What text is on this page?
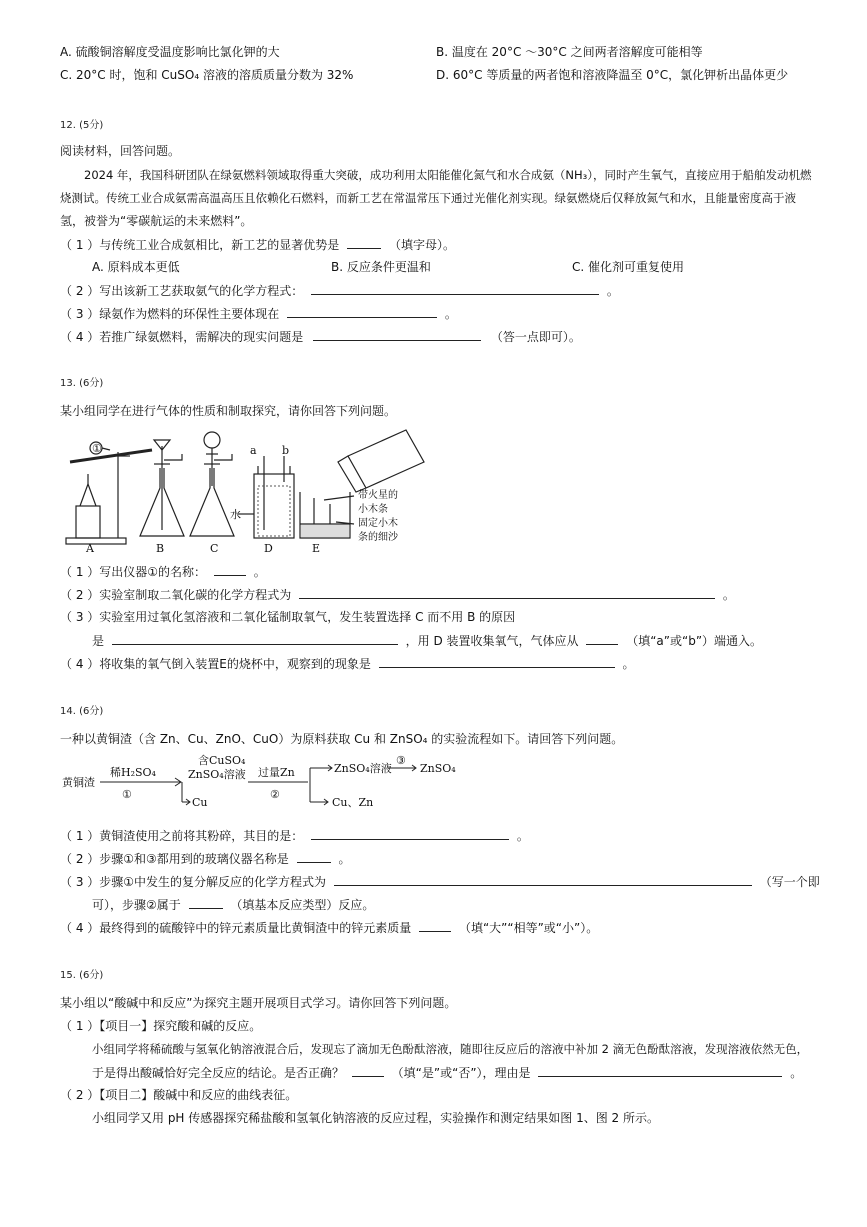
A. 硫酸铜溶解度受温度影响比氯化钾的大	B. 温度在 20°C ～30°C 之间两者溶解度可能相等
C. 20°C 时，饱和 CuSO₄ 溶液的溶质质量分数为 32%	D. 60°C 等质量的两者饱和溶液降温至 0°C，氯化钾析出晶体更少
12. (5分)
阅读材料，回答问题。
2024 年，我国科研团队在绿氨燃料领域取得重大突破，成功利用太阳能催化氮气和水合成氨（NH₃），同时产生氧气，直接应用于船舶发动机燃
烧测试。传统工业合成氨需高温高压且依赖化石燃料，而新工艺在常温常压下通过光催化剂实现。绿氨燃烧后仅释放氮气和水，且能量密度高于液
氢，被誉为“零碳航运的未来燃料”。
（ 1 ）与传统工业合成氨相比，新工艺的显著优势是	（填字母）。
A. 原料成本更低	B. 反应条件更温和	C. 催化剂可重复使用
（ 2 ）写出该新工艺获取氨气的化学方程式：	。
（ 3 ）绿氨作为燃料的环保性主要体现在	。
（ 4 ）若推广绿氨燃料，需解决的现实问题是	（答一点即可）。
13. (6分)
某小组同学在进行气体的性质和制取探究，请你回答下列问题。
①
A	B	C	D	E
a b
水
带火星的
小木条
固定小木
条的细沙
（ 1 ）写出仪器①的名称：	。
（ 2 ）实验室制取二氧化碳的化学方程式为	。
（ 3 ）实验室用过氧化氢溶液和二氧化锰制取氧气，发生装置选择 C 而不用 B 的原因
是	，用 D 装置收集氧气，气体应从	（填“a”或“b”）端通入。
（ 4 ）将收集的氧气倒入装置E的烧杯中，观察到的现象是	。
14. (6分)
一种以黄铜渣（含 Zn、Cu、ZnO、CuO）为原料获取 Cu 和 ZnSO₄ 的实验流程如下。请回答下列问题。
黄铜渣
稀H₂SO₄
①
含CuSO₄
ZnSO₄溶液
Cu
过量Zn
②
ZnSO₄溶液
③
ZnSO₄
Cu、Zn
（ 1 ）黄铜渣使用之前将其粉碎，其目的是：	。
（ 2 ）步骤①和③都用到的玻璃仪器名称是	。
（ 3 ）步骤①中发生的复分解反应的化学方程式为	（写一个即
可），步骤②属于	（填基本反应类型）反应。
（ 4 ）最终得到的硫酸锌中的锌元素质量比黄铜渣中的锌元素质量	（填“大”“相等”或“小”）。
15. (6分)
某小组以“酸碱中和反应”为探究主题开展项目式学习。请你回答下列问题。
（ 1 ）【项目一】探究酸和碱的反应。
小组同学将稀硫酸与氢氧化钠溶液混合后，发现忘了滴加无色酚酞溶液，随即往反应后的溶液中补加 2 滴无色酚酞溶液，发现溶液依然无色，
于是得出酸碱恰好完全反应的结论。是否正确？	（填“是”或“否”），理由是	。
（ 2 ）【项目二】酸碱中和反应的曲线表征。
小组同学又用 pH 传感器探究稀盐酸和氢氧化钠溶液的反应过程，实验操作和测定结果如图 1、图 2 所示。
